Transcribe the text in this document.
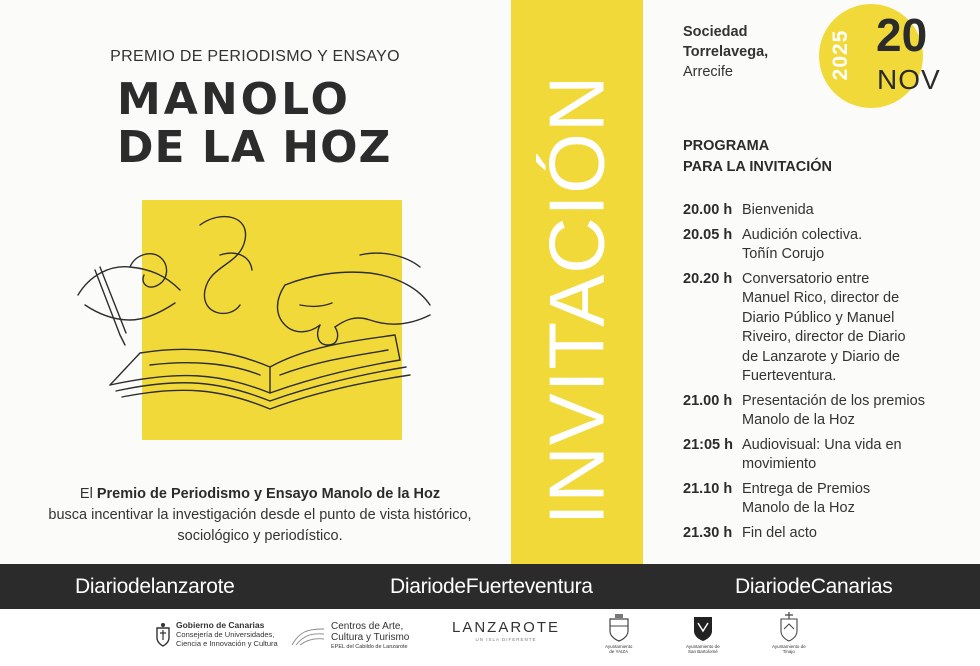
PREMIO DE PERIODISMO Y ENSAYO
MANOLO
DE LA HOZ
El Premio de Periodismo y Ensayo Manolo de la Hoz
busca incentivar la investigación desde el punto de vista histórico, sociológico y periodístico.
INVITACIÓN
Sociedad
Torrelavega,
Arrecife	2025 20
NOV
PROGRAMA
PARA LA INVITACIÓN
20.00 h Bienvenida
20.05 h Audición colectiva. Toñín Corujo
20.20 h Conversatorio entre Manuel Rico, director de Diario Público y Manuel Riveiro, director de Diario de Lanzarote y Diario de Fuerteventura.
21.00 h Presentación de los premios Manolo de la Hoz
21:05 h Audiovisual: Una vida en movimiento
21.10 h Entrega de Premios Manolo de la Hoz
21.30 h Fin del acto
Diariodelanzarote	DiariodeFuerteventura	DiariodeCanarias
Gobierno de Canarias
Consejería de Universidades,
Ciencia e Innovación y Cultura
Centros de Arte,
Cultura y Turismo
EPEL del Cabildo de Lanzarote
LANZAROTE
UN ISLA DIFERENTE
Ayuntamiento
de YAIZA
Ayuntamiento de
San Bartolomé
Ayuntamiento de
Tinajo
